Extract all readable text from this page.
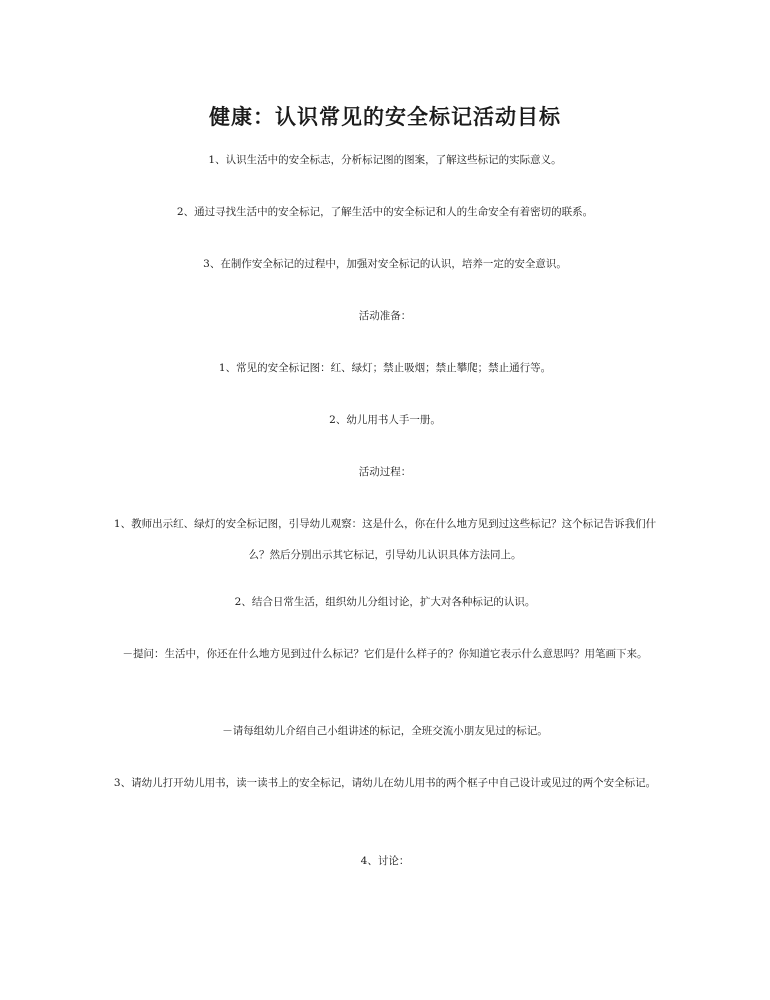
健康：认识常见的安全标记活动目标

1、认识生活中的安全标志，分析标记图的图案，了解这些标记的实际意义。

2、通过寻找生活中的安全标记，了解生活中的安全标记和人的生命安全有着密切的联系。

3、在制作安全标记的过程中，加强对安全标记的认识，培养一定的安全意识。

活动准备：

1、常见的安全标记图：红、绿灯；禁止吸烟；禁止攀爬；禁止通行等。

2、幼儿用书人手一册。

活动过程：

1、教师出示红、绿灯的安全标记图，引导幼儿观察：这是什么，你在什么地方见到过这些标记？这个标记告诉我们什么？然后分别出示其它标记，引导幼儿认识具体方法同上。

2、结合日常生活，组织幼儿分组讨论，扩大对各种标记的认识。

－提问：生活中，你还在什么地方见到过什么标记？它们是什么样子的？你知道它表示什么意思吗？用笔画下来。

－请每组幼儿介绍自己小组讲述的标记，全班交流小朋友见过的标记。

3、请幼儿打开幼儿用书，读一读书上的安全标记，请幼儿在幼儿用书的两个框子中自己设计或见过的两个安全标记。

4、讨论：
